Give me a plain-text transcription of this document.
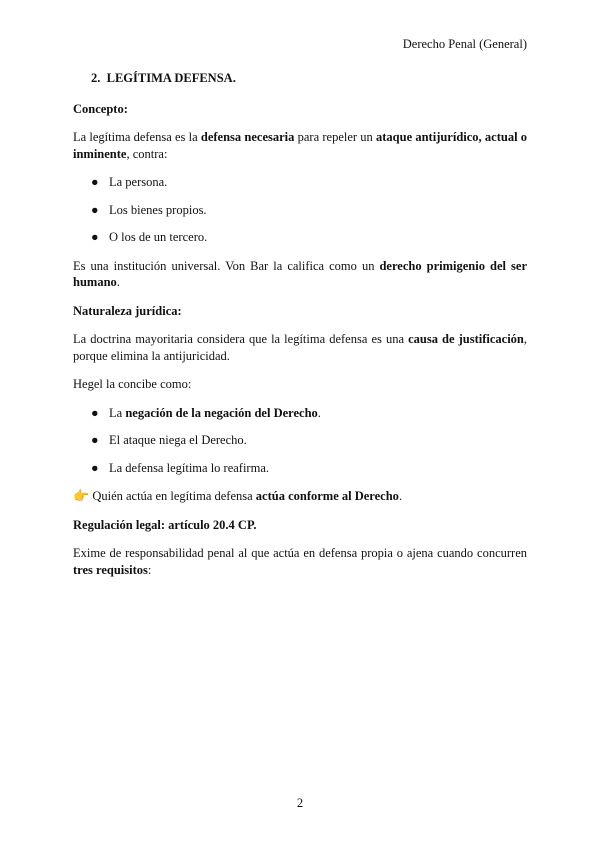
Derecho Penal (General)
2. LEGÍTIMA DEFENSA.
Concepto:

La legítima defensa es la defensa necesaria para repeler un ataque antijurídico, actual o inminente, contra:

● La persona.
● Los bienes propios.
● O los de un tercero.

Es una institución universal. Von Bar la califica como un derecho primigenio del ser humano.

Naturaleza jurídica:

La doctrina mayoritaria considera que la legítima defensa es una causa de justificación, porque elimina la antijuricidad.

Hegel la concibe como:

● La negación de la negación del Derecho.
● El ataque niega el Derecho.
● La defensa legítima lo reafirma.

👉 Quién actúa en legítima defensa actúa conforme al Derecho.

Regulación legal: artículo 20.4 CP.

Exime de responsabilidad penal al que actúa en defensa propia o ajena cuando concurren tres requisitos:

2
